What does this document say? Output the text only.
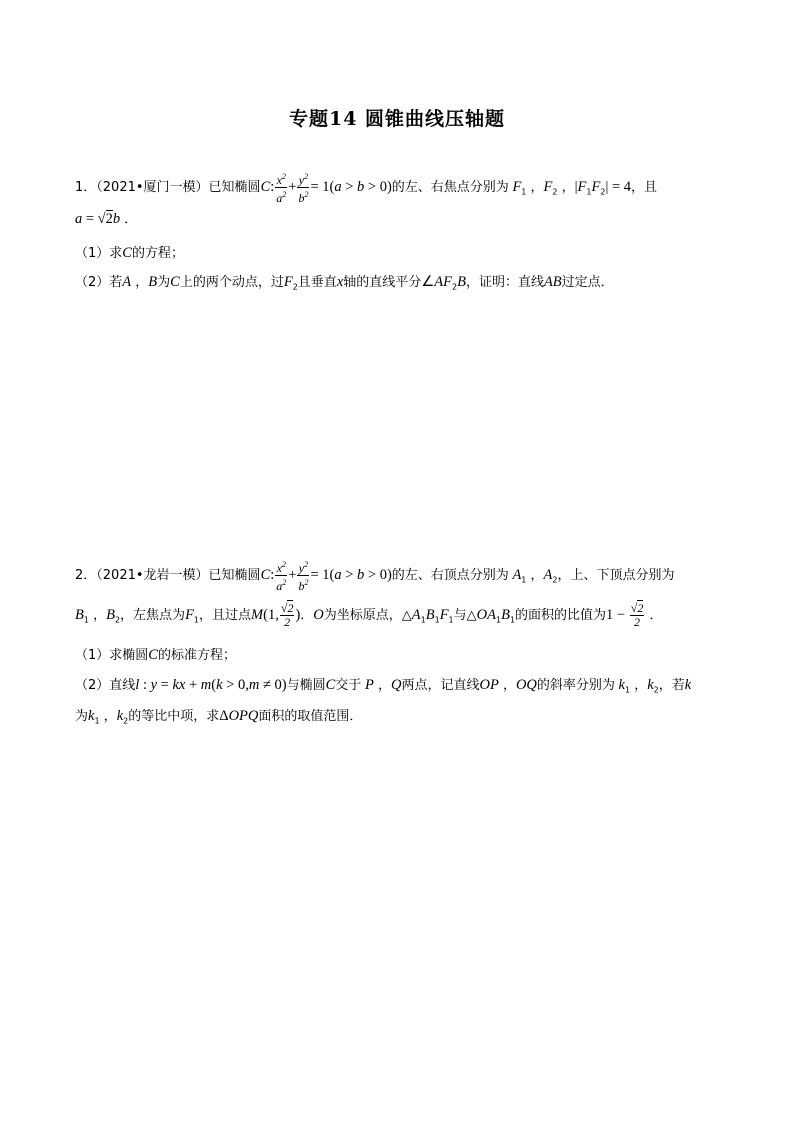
专题14 圆锥曲线压轴题
1．（2021•厦门一模）已知椭圆C: $\frac{x^2}{a^2} + \frac{y^2}{b^2} = 1(a > b > 0)$的左、右焦点分别为 $F_1$ ，$F_2$ ，$|F_1F_2| = 4$，且
a = √2b ．
（1）求C的方程；
（2）若A ，B为C上的两个动点，过$F_2$且垂直x轴的直线平分$\angle AF_2B$，证明：直线AB过定点．
2．（2021•龙岩一模）已知椭圆C: $\frac{x^2}{a^2} + \frac{y^2}{b^2} = 1(a > b > 0)$的左、右顶点分别为 $A_1$ ，$A_2$，上、下顶点分别为
$B_1$ ，$B_2$，左焦点为$F_1$，且过点M(1, $\frac{√2}{2}$ )．O为坐标原点，$\triangle A_1B_1F_1$与$\triangle OA_1B_1$的面积的比值为$1 - \frac{√2}{2}$ ．
（1）求椭圆C的标准方程；
（2）直线l : y = kx + m(k > 0,m ≠ 0)与椭圆C交于 P ，Q两点，记直线OP ，OQ的斜率分别为 $k_1$ ，$k_2$，若k
为$k_1$ ，$k_2$的等比中项，求ΔOPQ面积的取值范围．
